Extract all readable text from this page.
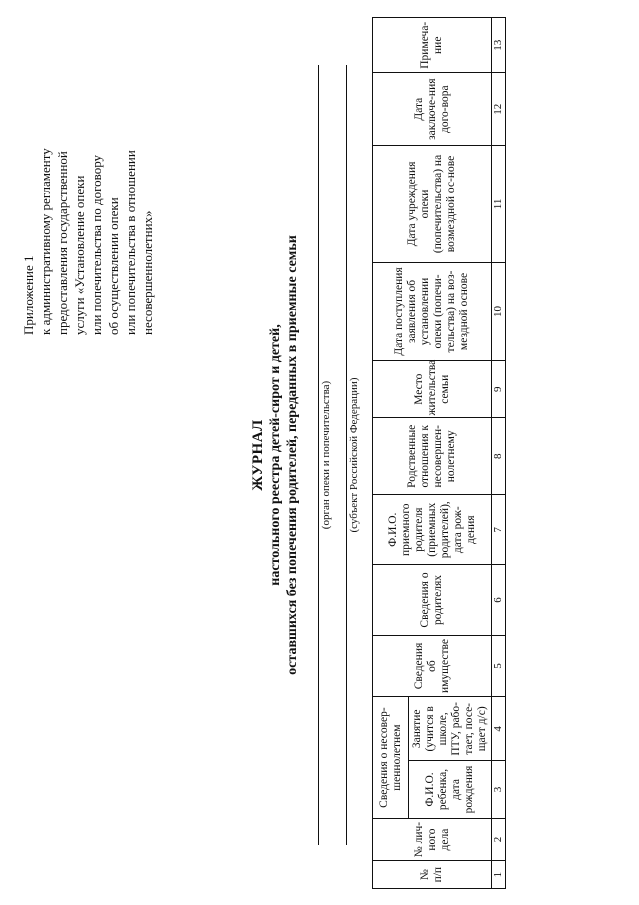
Приложение 1 к административному регламенту предоставления государственной услуги «Установление опеки или попечительства по договору об осуществлении опеки или попечительства в отношении несовершеннолетних»
ЖУРНАЛ настольного реестра детей-сирот и детей, оставшихся без попечения родителей, переданных в приемные семьи (орган опеки и попечительства) (субъект Российской Федерации)
№ п/п	№ лич-ного дела	Сведения о несовер-шеннолетнем		Сведения об имуществе	Сведения о родителях	Ф.И.О. приемного родителя (приемных родителей), дата рож-дения	Родственные отношения к несовершен-нолетнему	Место жительства семьи	Дата поступления заявления об установлении опеки (попечи-тельства) на воз-мездной основе	Дата учреждения опеки (попечительства) на возмездной ос-нове	Дата заключе-ния дого-вора	Примеча-ние
		Ф.И.О. ребенка, дата рождения	Занятие (учится в школе, ПТУ, рабо-тает, посе-щает д/с)									
1	2	3	4	5	6	7	8	9	10	11	12	13
